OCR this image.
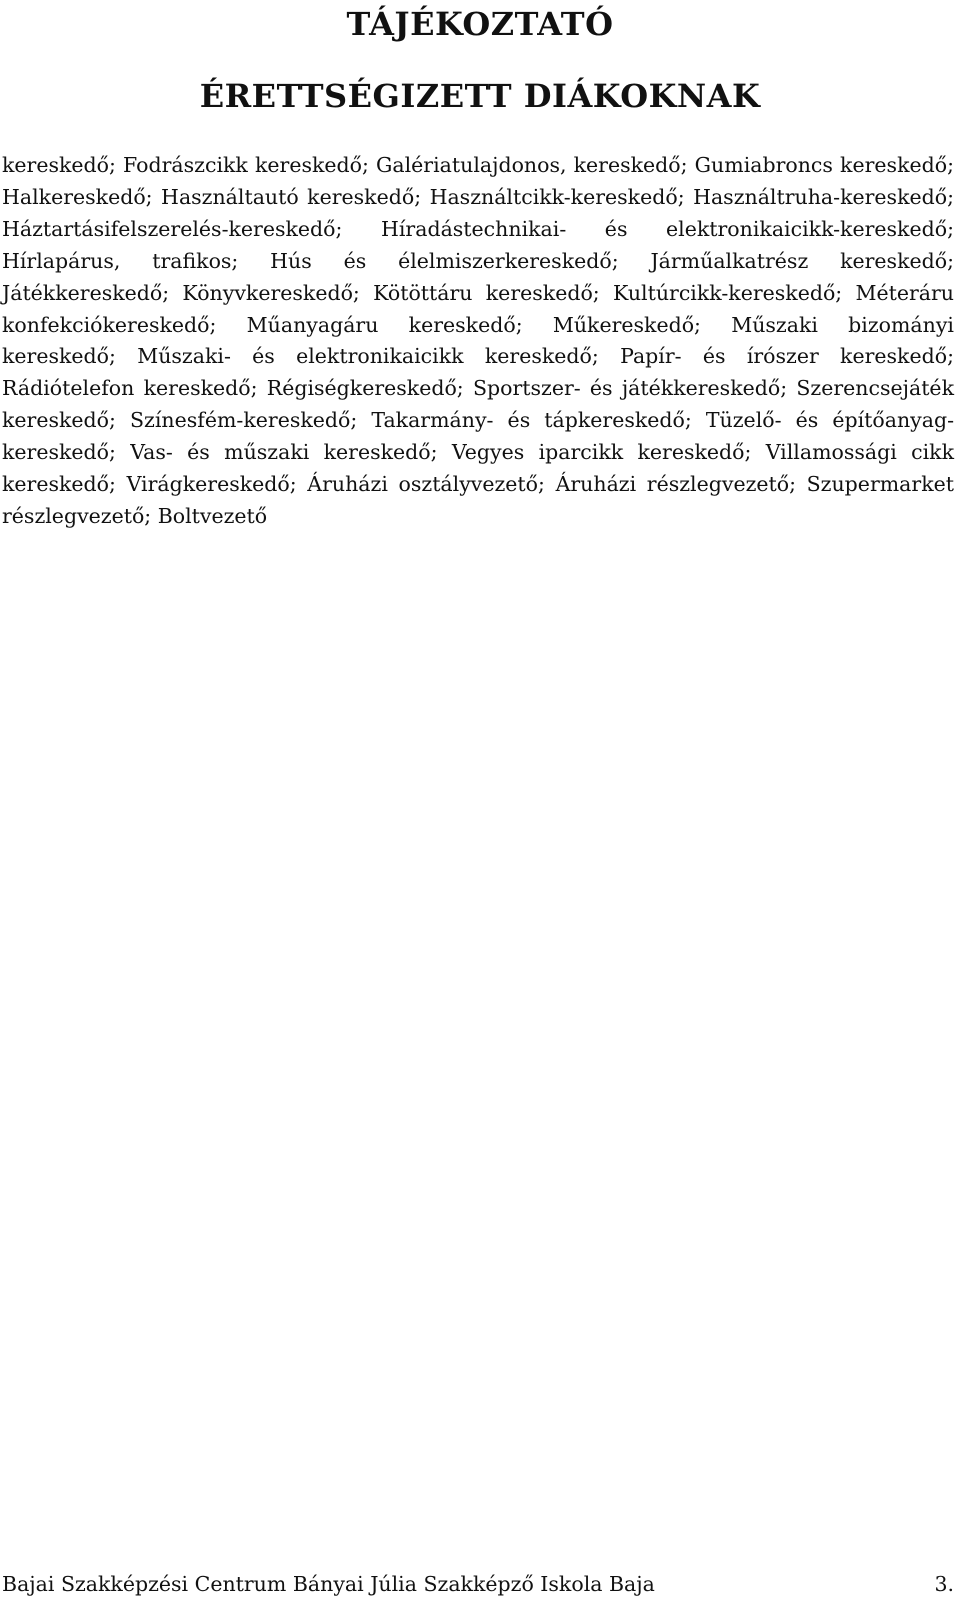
TÁJÉKOZTATÓ
ÉRETTSÉGIZETT DIÁKOKNAK

kereskedő; Fodrászcikk kereskedő; Galériatulajdonos, kereskedő; Gumiabroncs kereskedő; Halkereskedő; Használtautó kereskedő; Használtcikk-kereskedő; Használtruha-kereskedő; Háztartásifelszerelés-kereskedő; Híradástechnikai- és elektronikaicikk-kereskedő; Hírlapárus, trafikos; Hús és élelmiszerkereskedő; Járműalkatrész kereskedő; Játékkereskedő; Könyvkereskedő; Kötöttáru kereskedő; Kultúrcikk-kereskedő; Méteráru konfekciókereskedő; Műanyagáru kereskedő; Műkereskedő; Műszaki bizományi kereskedő; Műszaki- és elektronikaicikk kereskedő; Papír- és írószer kereskedő; Rádiótelefon kereskedő; Régiségkereskedő; Sportszer- és játékkereskedő; Szerencsejáték kereskedő; Színesfém-kereskedő; Takarmány- és tápkereskedő; Tüzelő- és építőanyag-kereskedő; Vas- és műszaki kereskedő; Vegyes iparcikk kereskedő; Villamossági cikk kereskedő; Virágkereskedő; Áruházi osztályvezető; Áruházi részlegvezető; Szupermarket részlegvezető; Boltvezető

Bajai Szakképzési Centrum Bányai Júlia Szakképző Iskola Baja	3.
